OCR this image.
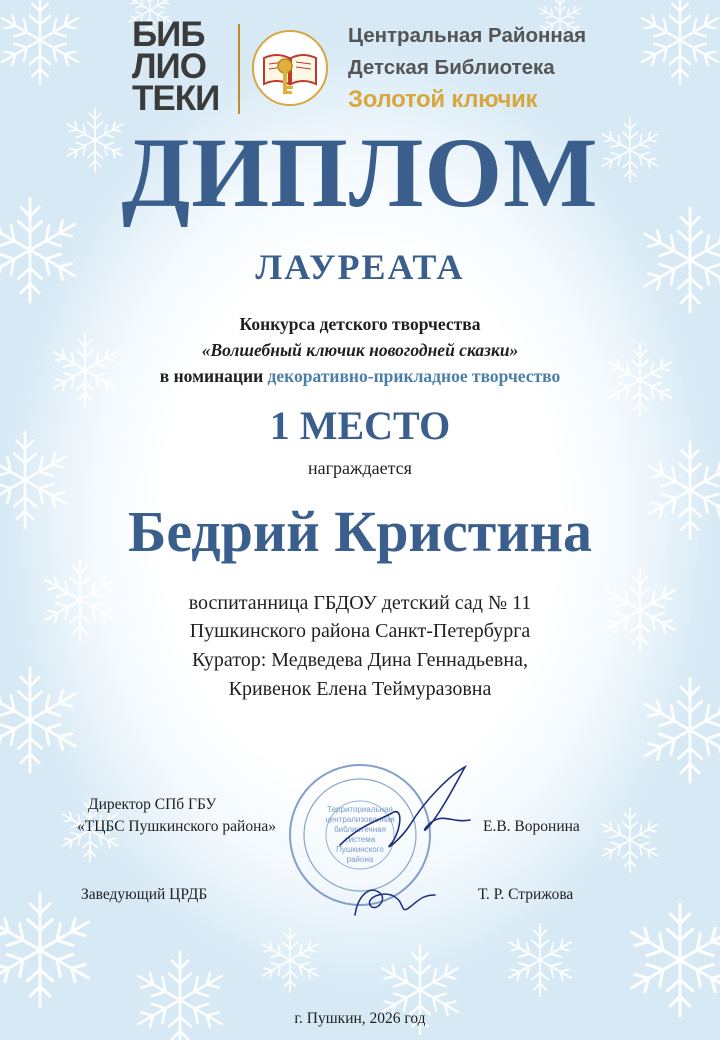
БИБ
ЛИО
ТЕКИ
Центральная Районная
Детская Библиотека
Золотой ключик
ДИПЛОМ
ЛАУРЕАТА
Конкурса детского творчества
«Волшебный ключик новогодней сказки»
в номинации декоративно-прикладное творчество
1 МЕСТО
награждается
Бедрий Кристина
воспитанница ГБДОУ детский сад № 11
Пушкинского района Санкт-Петербурга
Куратор: Медведева Дина Геннадьевна,
Кривенок Елена Теймуразовна
Территориальная
централизованная
библиотечная
система
Пушкинского
района
Директор СПб ГБУ
«ТЦБС Пушкинского района»	Е.В. Воронина
Заведующий ЦРДБ	Т. Р. Стрижова
г. Пушкин, 2026 год
